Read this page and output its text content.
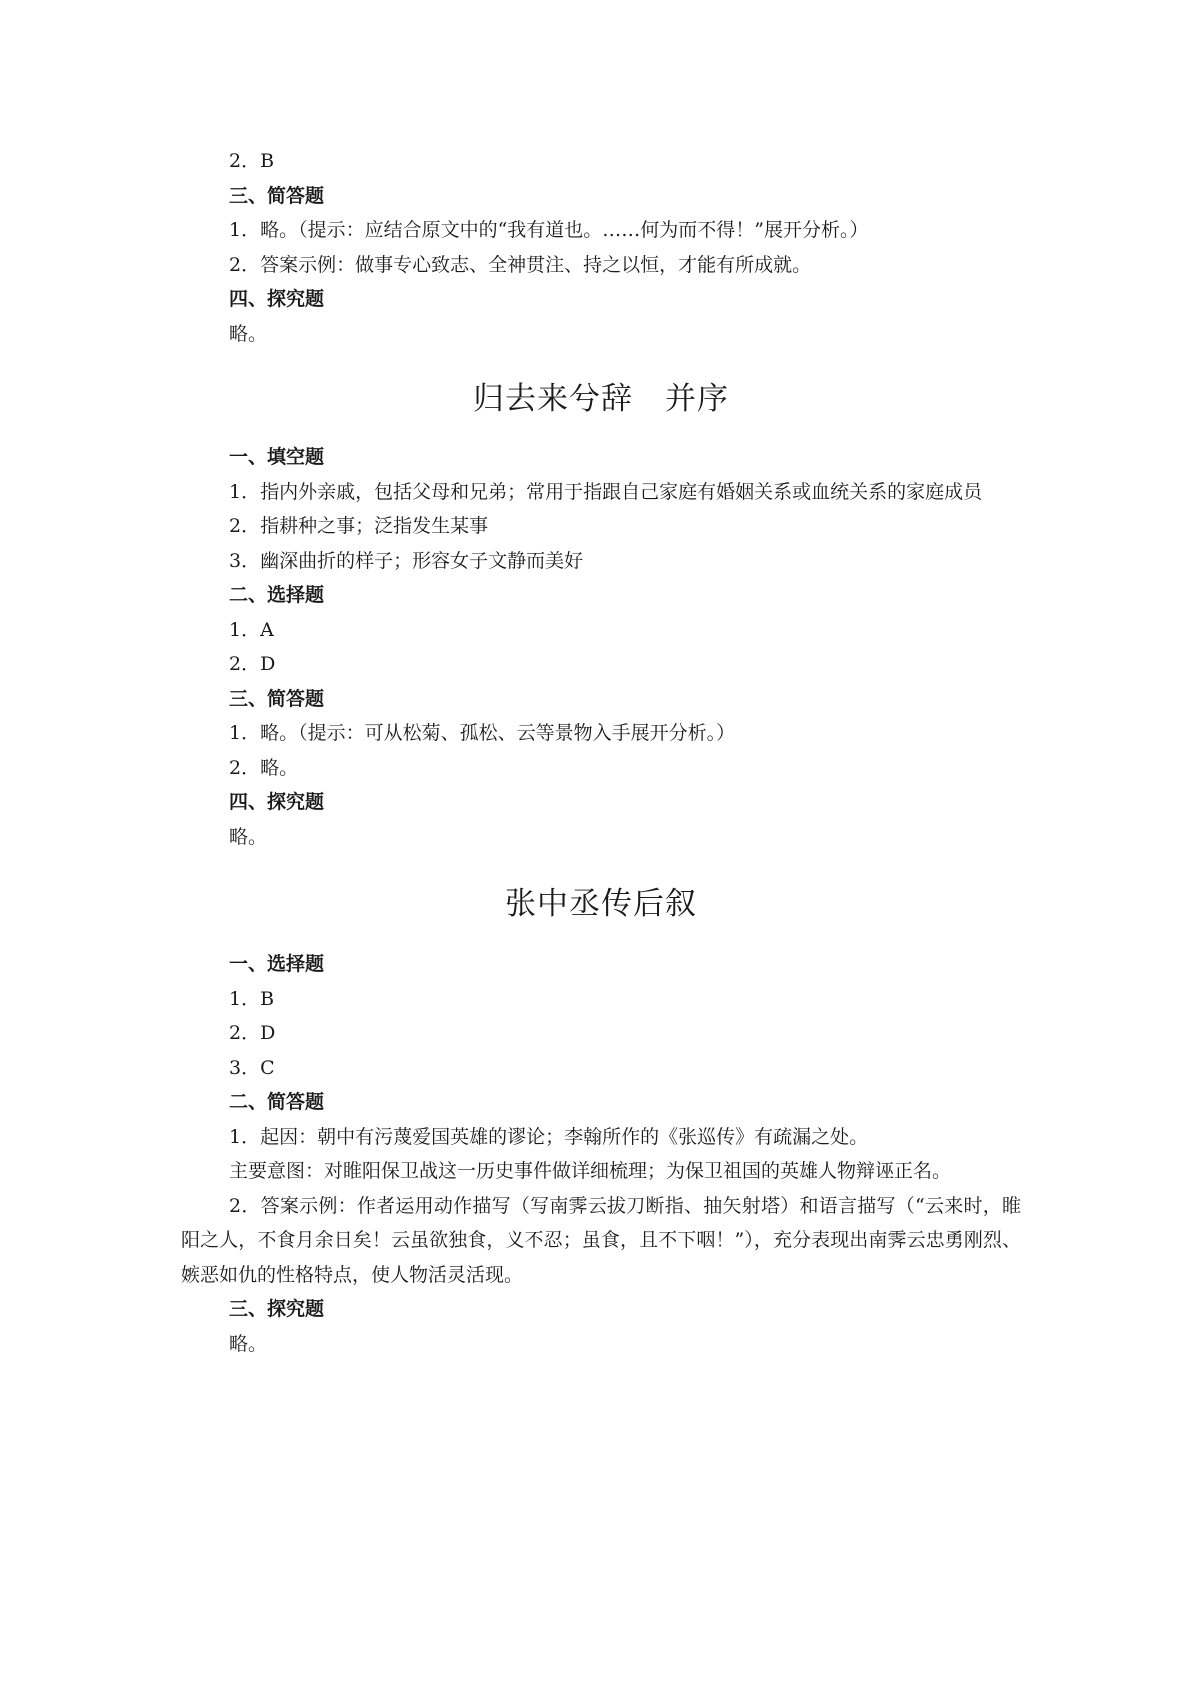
2．B
三、简答题
1．略。（提示：应结合原文中的“我有道也。……何为而不得！”展开分析。）
2．答案示例：做事专心致志、全神贯注、持之以恒，才能有所成就。
四、探究题
略。
归去来兮辞　并序
一、填空题
1．指内外亲戚，包括父母和兄弟；常用于指跟自己家庭有婚姻关系或血统关系的家庭成员
2．指耕种之事；泛指发生某事
3．幽深曲折的样子；形容女子文静而美好
二、选择题
1．A
2．D
三、简答题
1．略。（提示：可从松菊、孤松、云等景物入手展开分析。）
2．略。
四、探究题
略。
张中丞传后叙
一、选择题
1．B
2．D
3．C
二、简答题
1．起因：朝中有污蔑爱国英雄的谬论；李翰所作的《张巡传》有疏漏之处。
主要意图：对睢阳保卫战这一历史事件做详细梳理；为保卫祖国的英雄人物辩诬正名。
2．答案示例：作者运用动作描写（写南霁云拔刀断指、抽矢射塔）和语言描写（“云来时，睢阳之人，不食月余日矣！云虽欲独食，义不忍；虽食，且不下咽！”），充分表现出南霁云忠勇刚烈、嫉恶如仇的性格特点，使人物活灵活现。
三、探究题
略。
